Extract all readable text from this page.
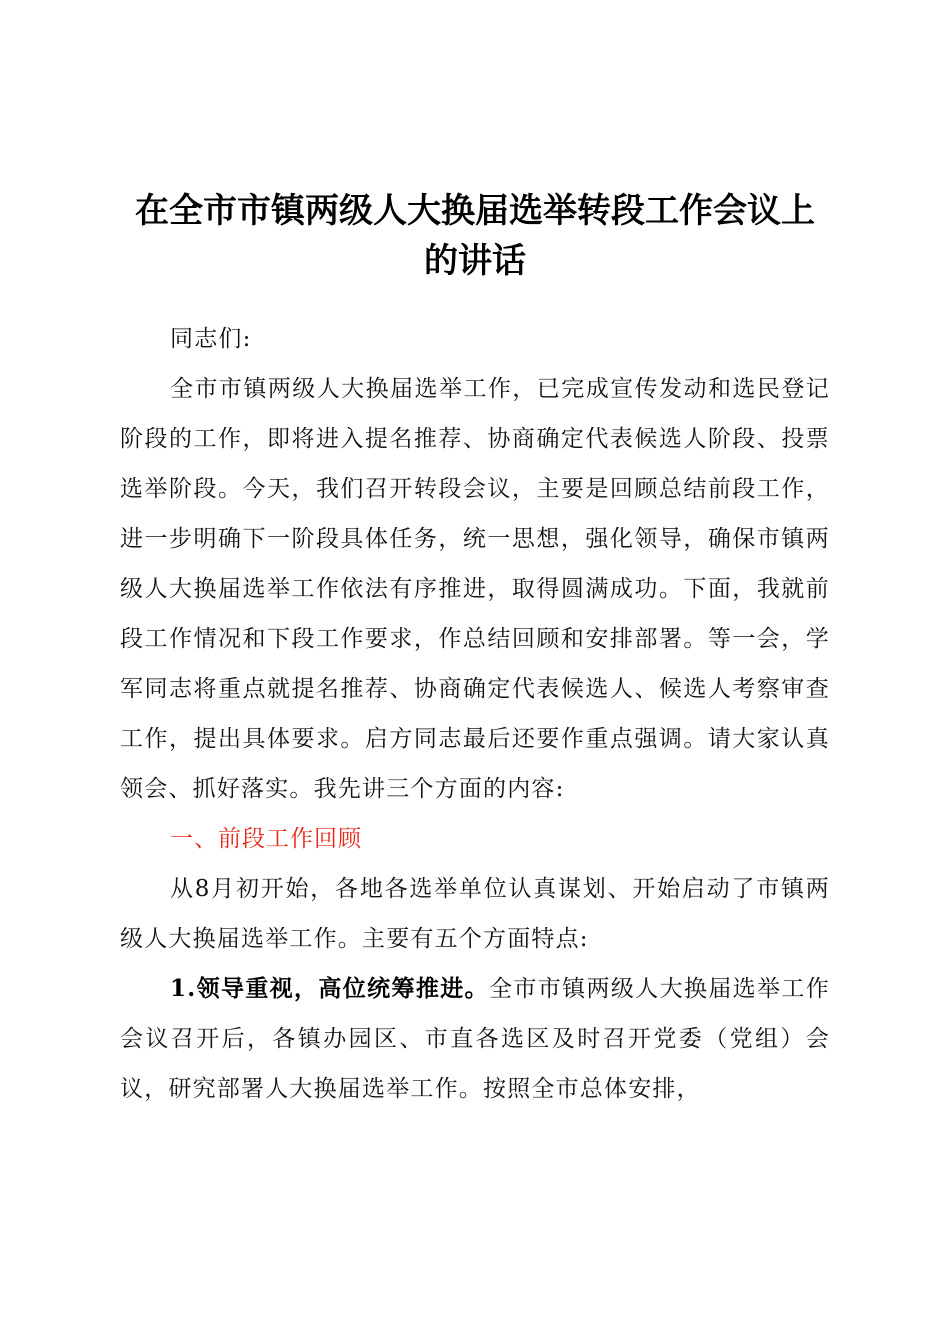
在全市市镇两级人大换届选举转段工作会议上
的讲话

同志们:

全市市镇两级人大换届选举工作，已完成宣传发动和选民登记阶段的工作，即将进入提名推荐、协商确定代表候选人阶段、投票选举阶段。今天，我们召开转段会议，主要是回顾总结前段工作，进一步明确下一阶段具体任务，统一思想，强化领导，确保市镇两级人大换届选举工作依法有序推进，取得圆满成功。下面，我就前段工作情况和下段工作要求，作总结回顾和安排部署。等一会，学军同志将重点就提名推荐、协商确定代表候选人、候选人考察审查工作，提出具体要求。启方同志最后还要作重点强调。请大家认真领会、抓好落实。我先讲三个方面的内容:

一、前段工作回顾

从8月初开始，各地各选举单位认真谋划、开始启动了市镇两级人大换届选举工作。主要有五个方面特点:

1.领导重视，高位统筹推进。全市市镇两级人大换届选举工作会议召开后，各镇办园区、市直各选区及时召开党委（党组）会议，研究部署人大换届选举工作。按照全市总体安排，
